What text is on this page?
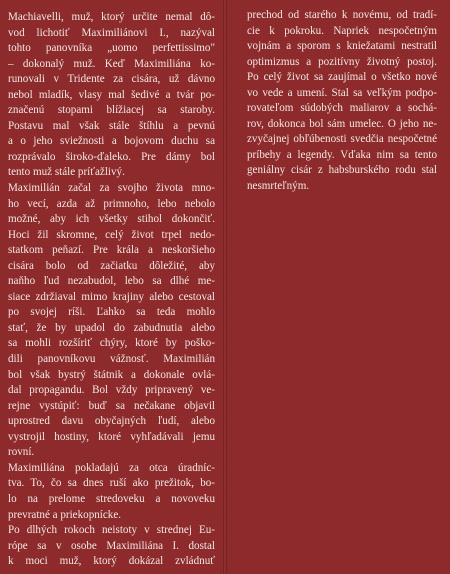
Machiavelli, muž, ktorý určite nemal dô-
vod lichotiť Maximiliánovi I., nazýval
tohto panovníka „uomo perfettissimo"
– dokonalý muž. Keď Maximiliána ko-
runovali v Tridente za cisára, už dávno
nebol mladík, vlasy mal šedivé a tvár po-
značenú stopami blížiacej sa staroby.
Postavu mal však stále štíhlu a pevnú
a o jeho sviežnosti a bojovom duchu sa
rozprávalo široko-ďaleko. Pre dámy bol
tento muž stále príťažlivý.
Maximilián začal za svojho života mno-
ho vecí, azda až primnoho, lebo nebolo
možné, aby ich všetky stihol dokončiť.
Hoci žil skromne, celý život trpel nedo-
statkom peňazí. Pre krála a neskoršieho
cisára bolo od začiatku dôležité, aby
naňho ľud nezabudol, lebo sa dlhé me-
siace zdržiaval mimo krajiny alebo cestoval
po svojej ríši. Ľahko sa teda mohlo
stať, že by upadol do zabudnutia alebo
sa mohli rozšíriť chýry, ktoré by poško-
dili panovníkovu vážnosť. Maximilián
bol však bystrý štátnik a dokonale ovlá-
dal propagandu. Bol vždy pripravený ve-
rejne vystúpiť: buď sa nečakane objavil
uprostred davu obyčajných ľudí, alebo
vystrojil hostiny, ktoré vyhľadávali jemu
rovní.
Maximiliána pokladajú za otca úradníc-
tva. To, čo sa dnes ruší ako prežitok, bo-
lo na prelome stredoveku a novoveku
prevratné a priekopnícke.
Po dlhých rokoch neistoty v strednej Eu-
rópe sa v osobe Maximiliána I. dostal
k moci muž, ktorý dokázal zvládnuť
prechod od starého k novému, od tradí-
cie k pokroku. Napriek nespočetným
vojnám a sporom s kniežatami nestratil
optimizmus a pozitívny životný postoj.
Po celý život sa zaujímal o všetko nové
vo vede a umení. Stal sa veľkým podpo-
rovateľom súdobých maliarov a sochá-
rov, dokonca bol sám umelec. O jeho ne-
zvyčajnej obľúbenosti svedčia nespočetné
príbehy a legendy. Vďaka nim sa tento
geniálny cisár z habsburského rodu stal
nesmrteľným.
